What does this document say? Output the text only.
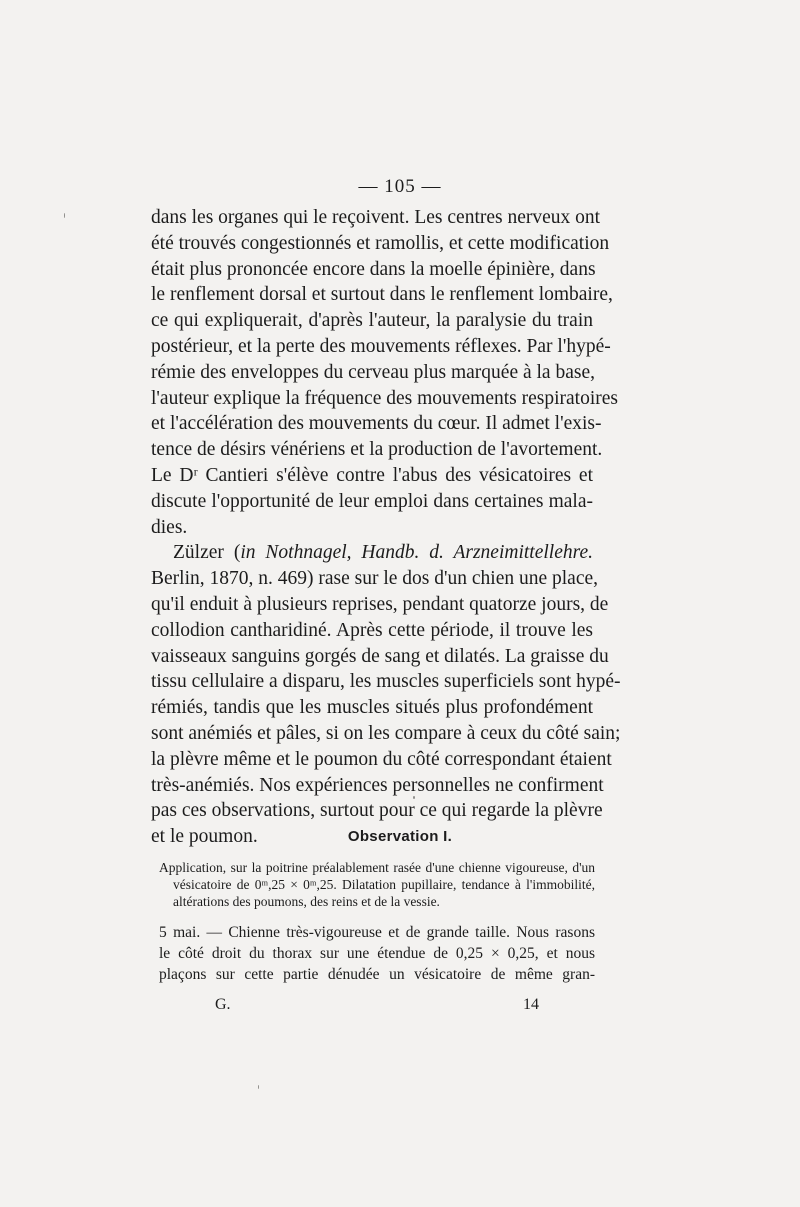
— 105 —

dans les organes qui le reçoivent. Les centres nerveux ont
été trouvés congestionnés et ramollis, et cette modification
était plus prononcée encore dans la moelle épinière, dans
le renflement dorsal et surtout dans le renflement lombaire,
ce qui expliquerait, d'après l'auteur, la paralysie du train
postérieur, et la perte des mouvements réflexes. Par l'hypé-
rémie des enveloppes du cerveau plus marquée à la base,
l'auteur explique la fréquence des mouvements respiratoires
et l'accélération des mouvements du cœur. Il admet l'exis-
tence de désirs vénériens et la production de l'avortement.
Le Dʳ Cantieri s'élève contre l'abus des vésicatoires et
discute l'opportunité de leur emploi dans certaines mala-
dies.

Zülzer (in Nothnagel, Handb. d. Arzneimittellehre.
Berlin, 1870, n. 469) rase sur le dos d'un chien une place,
qu'il enduit à plusieurs reprises, pendant quatorze jours, de
collodion cantharidiné. Après cette période, il trouve les
vaisseaux sanguins gorgés de sang et dilatés. La graisse du
tissu cellulaire a disparu, les muscles superficiels sont hypé-
rémiés, tandis que les muscles situés plus profondément
sont anémiés et pâles, si on les compare à ceux du côté sain;
la plèvre même et le poumon du côté correspondant étaient
très-anémiés. Nos expériences personnelles ne confirment
pas ces observations, surtout pour ce qui regarde la plèvre
et le poumon.	Observation I.
Application, sur la poitrine préalablement rasée d'une chienne vigoureuse, d'un
vésicatoire de 0ᵐ,25 × 0ᵐ,25. Dilatation pupillaire, tendance à l'immobilité,
altérations des poumons, des reins et de la vessie.
5 mai. — Chienne très-vigoureuse et de grande taille. Nous rasons
le côté droit du thorax sur une étendue de 0,25 × 0,25, et nous
plaçons sur cette partie dénudée un vésicatoire de même gran-
G.	14
